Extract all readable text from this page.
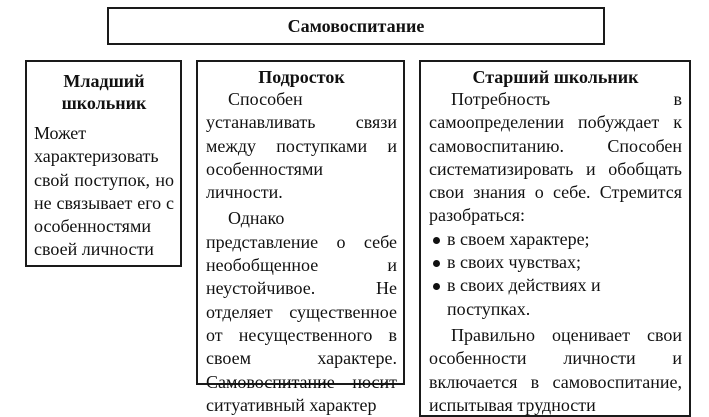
Самовоспитание
Младший школьник

Может характеризовать свой поступок, но не связывает его с особенностями своей личности

Подросток

Способен устанавливать связи между поступками и особенностями личности.

Однако представление о себе необобщенное и неустойчивое. Не отделяет существенное от несущественного в своем характере. Самовоспитание носит ситуативный характер

Старший школьник

Потребность в самоопределении побуждает к самовоспитанию. Способен систематизировать и обобщать свои знания о себе. Стремится разобраться:

в своем характере;
в своих чувствах;
в своих действиях и поступках.

Правильно оценивает свои особенности личности и включается в самовоспитание, испытывая трудности
